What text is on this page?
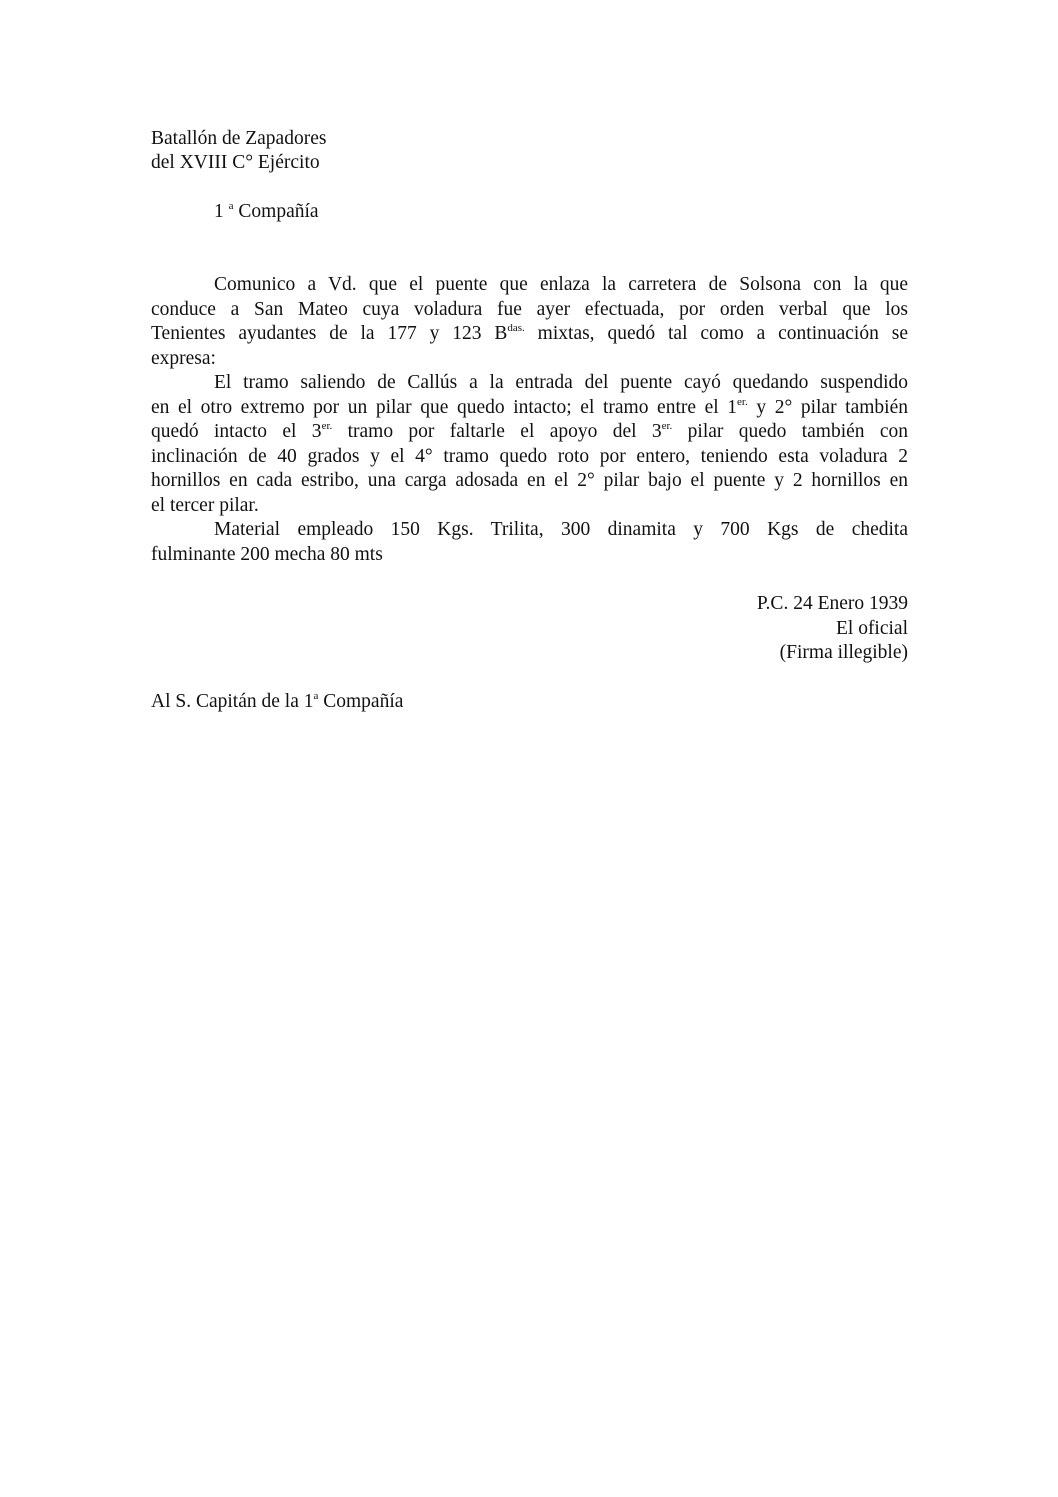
Batallón de Zapadores
del XVIII C° Ejército
1 $^a$ Compañía
Comunico a Vd. que el puente que enlaza la carretera de Solsona con la que
conduce a San Mateo cuya voladura fue ayer efectuada, por orden verbal que los
Tenientes ayudantes de la 177 y 123 $B^{das.}$ mixtas, quedó tal como a continuación se
expresa:
El tramo saliendo de Callús a la entrada del puente cayó quedando suspendido
en el otro extremo por un pilar que quedo intacto; el tramo entre el $1^{er.}$ y 2° pilar también
quedó intacto el $3^{er.}$ tramo por faltarle el apoyo del $3^{er.}$ pilar quedo también con
inclinación de 40 grados y el 4° tramo quedo roto por entero, teniendo esta voladura 2
hornillos en cada estribo, una carga adosada en el 2° pilar bajo el puente y 2 hornillos en
el tercer pilar.
Material empleado 150 Kgs. Trilita, 300 dinamita y 700 Kgs de chedita
fulminante 200 mecha 80 mts
P.C. 24 Enero 1939
El oficial
(Firma illegible)
Al S. Capitán de la 1$^a$ Compañía
